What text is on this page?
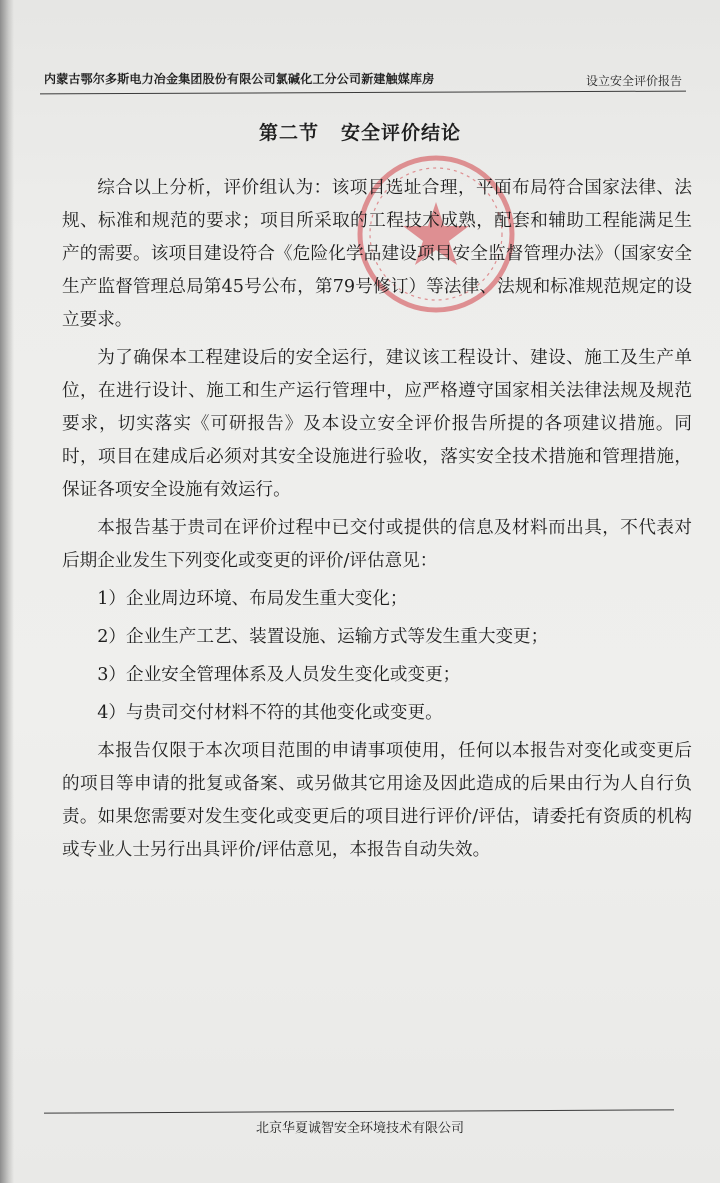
内蒙古鄂尔多斯电力冶金集团股份有限公司氯碱化工分公司新建触媒库房	设立安全评价报告
第二节 安全评价结论

综合以上分析，评价组认为：该项目选址合理，平面布局符合国家法律、法规、标准和规范的要求；项目所采取的工程技术成熟，配套和辅助工程能满足生产的需要。该项目建设符合《危险化学品建设项目安全监督管理办法》（国家安全生产监督管理总局第45号公布，第79号修订）等法律、法规和标准规范规定的设立要求。

为了确保本工程建设后的安全运行，建议该工程设计、建设、施工及生产单位，在进行设计、施工和生产运行管理中，应严格遵守国家相关法律法规及规范要求，切实落实《可研报告》及本设立安全评价报告所提的各项建议措施。同时，项目在建成后必须对其安全设施进行验收，落实安全技术措施和管理措施，保证各项安全设施有效运行。

本报告基于贵司在评价过程中已交付或提供的信息及材料而出具，不代表对后期企业发生下列变化或变更的评价/评估意见：

1）企业周边环境、布局发生重大变化；

2）企业生产工艺、装置设施、运输方式等发生重大变更；

3）企业安全管理体系及人员发生变化或变更；

4）与贵司交付材料不符的其他变化或变更。

本报告仅限于本次项目范围的申请事项使用，任何以本报告对变化或变更后的项目等申请的批复或备案、或另做其它用途及因此造成的后果由行为人自行负责。如果您需要对发生变化或变更后的项目进行评价/评估，请委托有资质的机构或专业人士另行出具评价/评估意见，本报告自动失效。

北京华夏诚智安全环境技术有限公司
